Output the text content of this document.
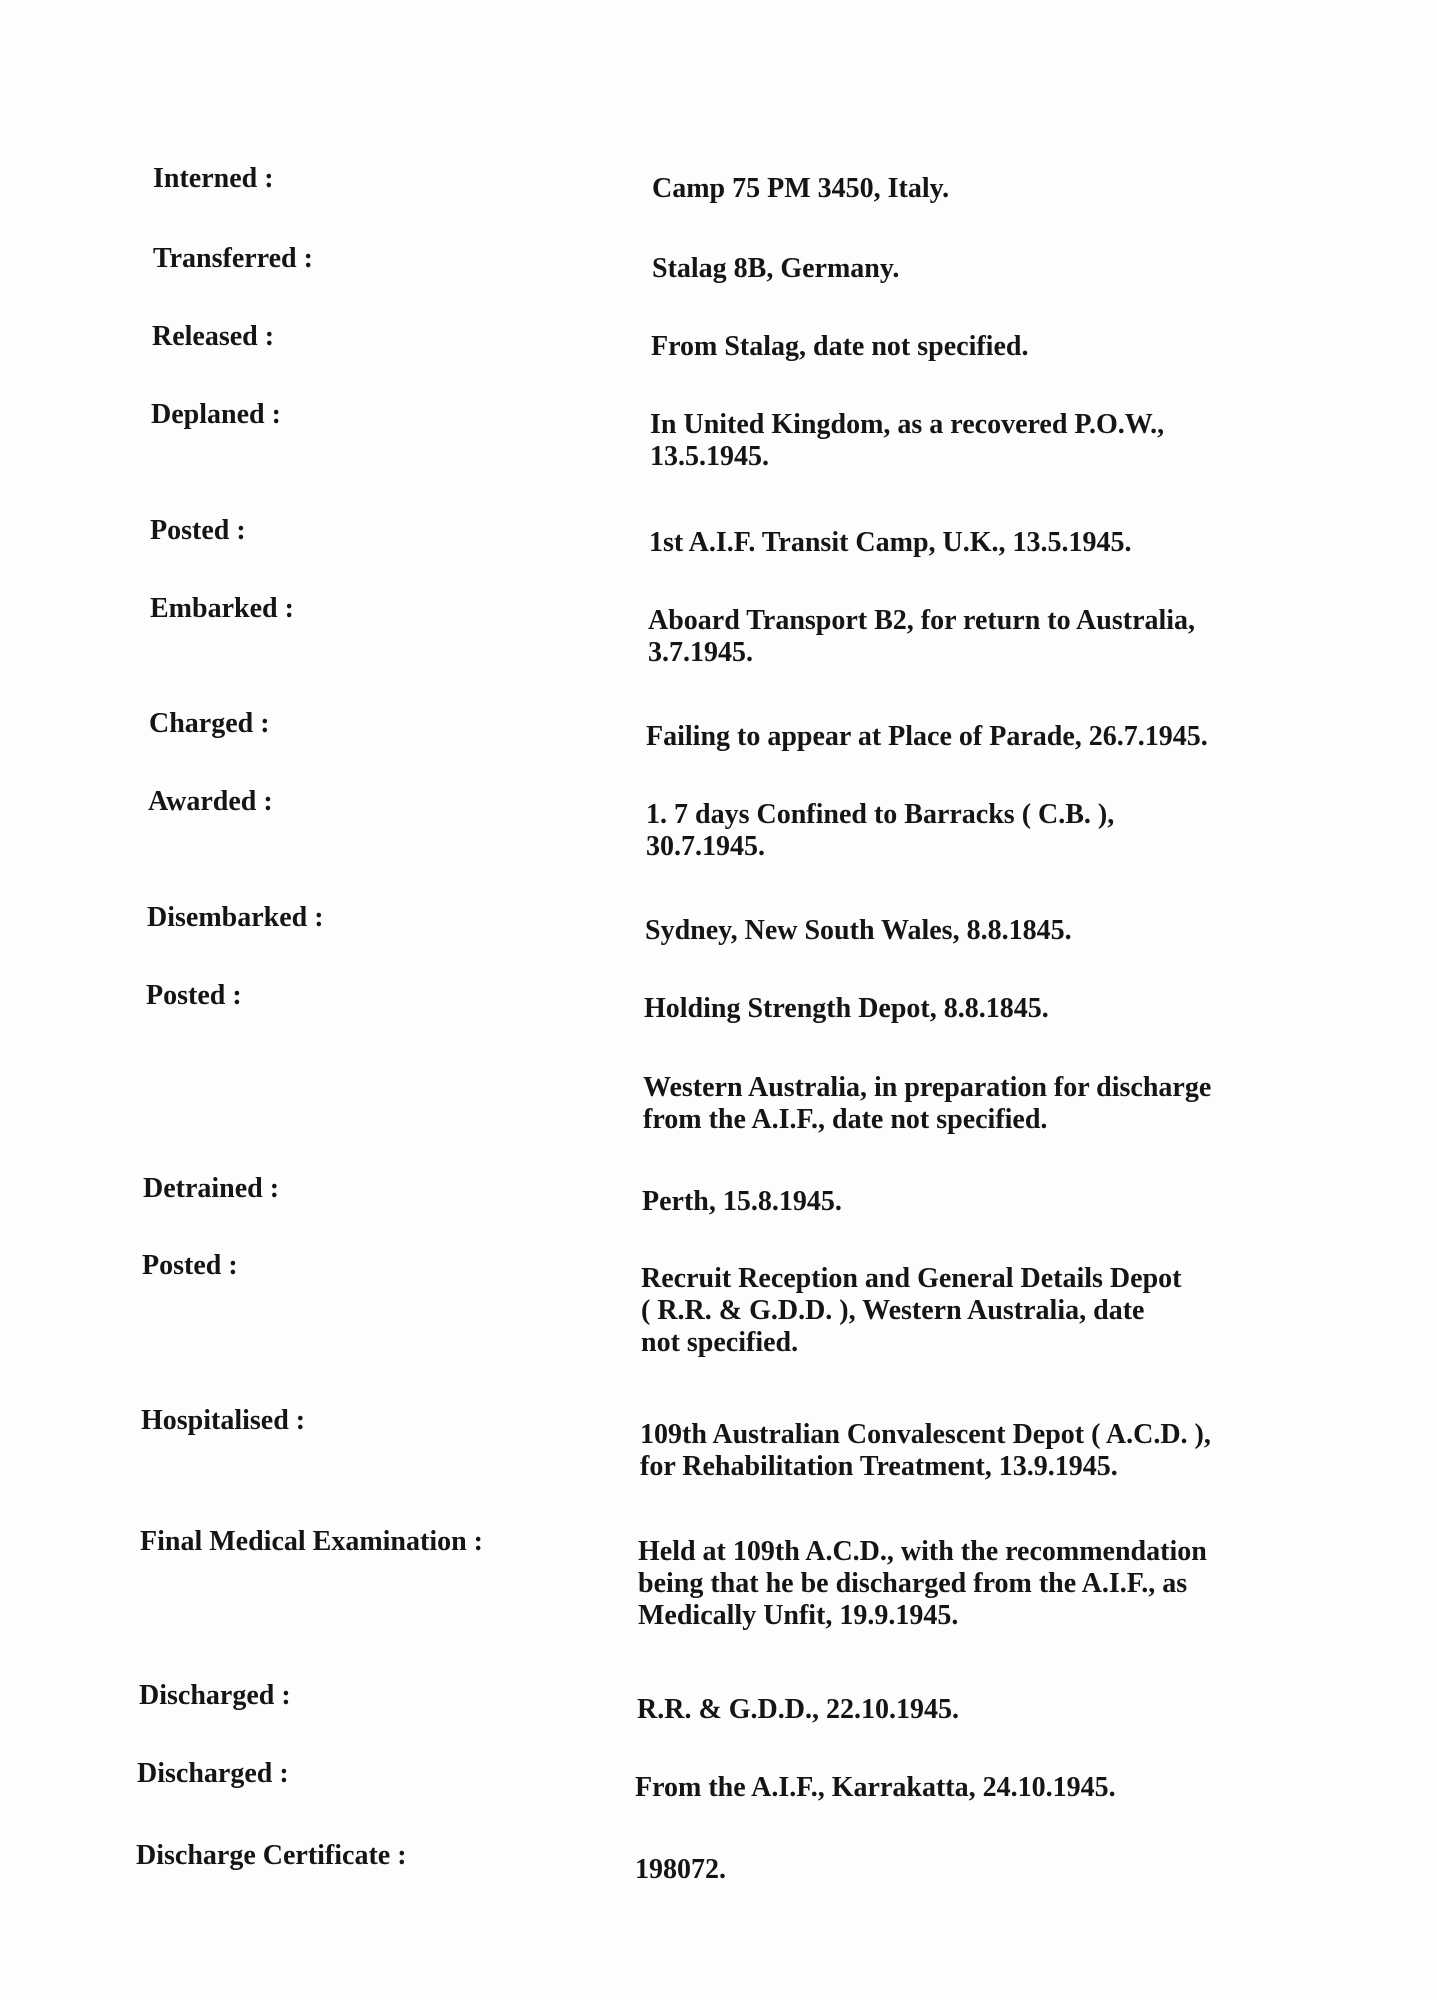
Interned :	Camp 75 PM 3450, Italy.
Transferred :	Stalag 8B, Germany.
Released :	From Stalag, date not specified.
Deplaned :	In United Kingdom, as a recovered P.O.W.,
13.5.1945.
Posted :	1st A.I.F. Transit Camp, U.K., 13.5.1945.
Embarked :	Aboard Transport B2, for return to Australia,
3.7.1945.
Charged :	Failing to appear at Place of Parade, 26.7.1945.
Awarded :	1. 7 days Confined to Barracks ( C.B. ),
30.7.1945.
Disembarked :	Sydney, New South Wales, 8.8.1845.
Posted :	Holding Strength Depot, 8.8.1845.
Western Australia, in preparation for discharge
from the A.I.F., date not specified.
Detrained :	Perth, 15.8.1945.
Posted :	Recruit Reception and General Details Depot
( R.R. & G.D.D. ), Western Australia, date
not specified.
Hospitalised :	109th Australian Convalescent Depot ( A.C.D. ),
for Rehabilitation Treatment, 13.9.1945.
Final Medical Examination :	Held at 109th A.C.D., with the recommendation
being that he be discharged from the A.I.F., as
Medically Unfit, 19.9.1945.
Discharged :	R.R. & G.D.D., 22.10.1945.
Discharged :	From the A.I.F., Karrakatta, 24.10.1945.
Discharge Certificate :	198072.
